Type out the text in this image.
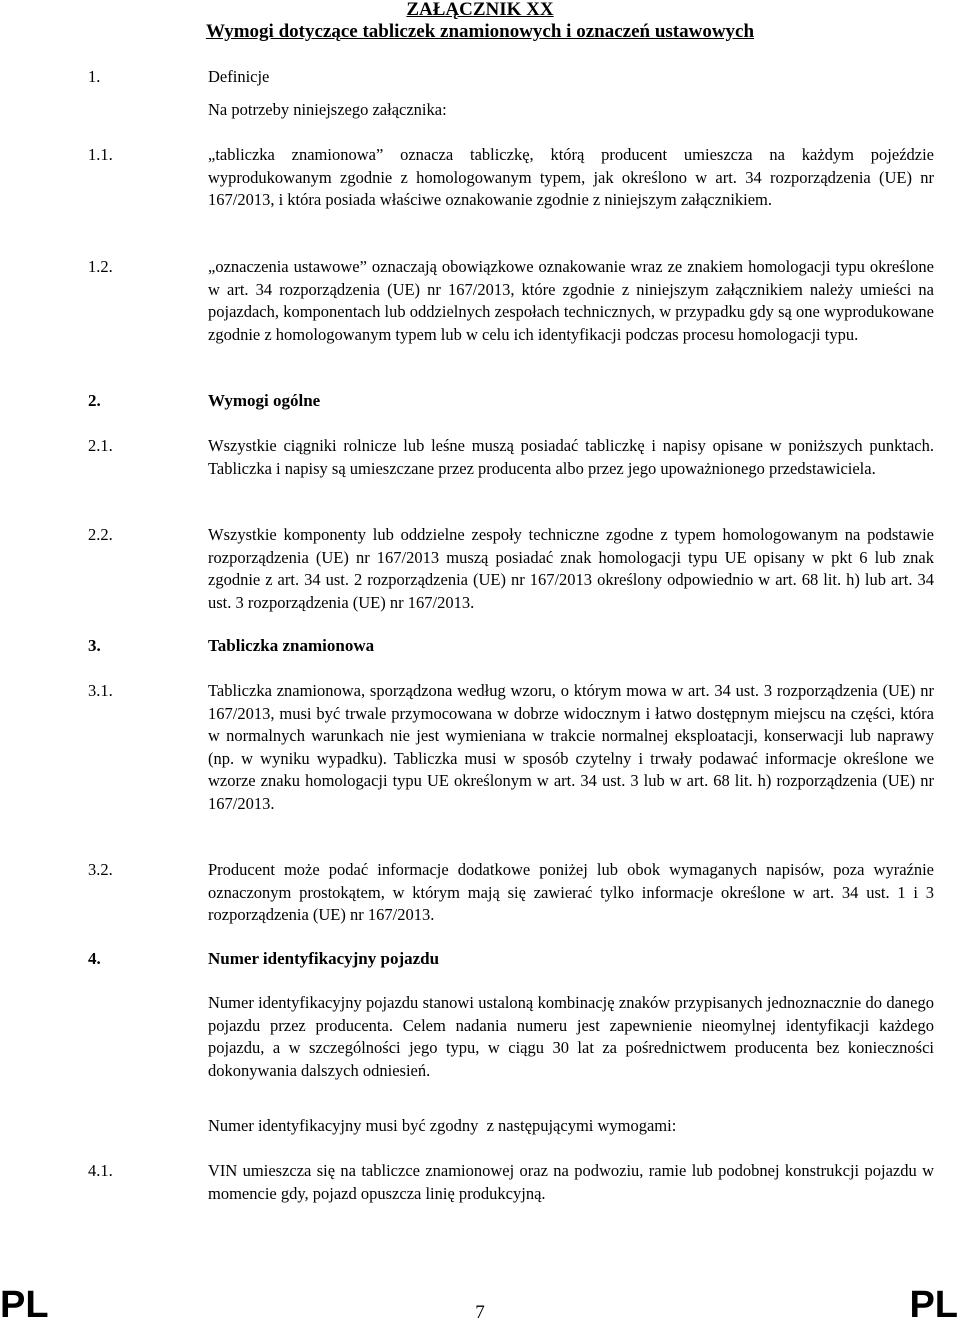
ZAŁĄCZNIK XX
Wymogi dotyczące tabliczek znamionowych i oznaczeń ustawowych
1.	Definicje
Na potrzeby niniejszego załącznika:
1.1.	„tabliczka znamionowa” oznacza tabliczkę, którą producent umieszcza na każdym pojeździe wyprodukowanym zgodnie z homologowanym typem, jak określono w art. 34 rozporządzenia (UE) nr 167/2013, i która posiada właściwe oznakowanie zgodnie z niniejszym załącznikiem.
1.2.	„oznaczenia ustawowe” oznaczają obowiązkowe oznakowanie wraz ze znakiem homologacji typu określone w art. 34 rozporządzenia (UE) nr 167/2013, które zgodnie z niniejszym załącznikiem należy umieści na pojazdach, komponentach lub oddzielnych zespołach technicznych, w przypadku gdy są one wyprodukowane zgodnie z homologowanym typem lub w celu ich identyfikacji podczas procesu homologacji typu.
2.	Wymogi ogólne
2.1.	Wszystkie ciągniki rolnicze lub leśne muszą posiadać tabliczkę i napisy opisane w poniższych punktach. Tabliczka i napisy są umieszczane przez producenta albo przez jego upoważnionego przedstawiciela.
2.2.	Wszystkie komponenty lub oddzielne zespoły techniczne zgodne z typem homologowanym na podstawie rozporządzenia (UE) nr 167/2013 muszą posiadać znak homologacji typu UE opisany w pkt 6 lub znak zgodnie z art. 34 ust. 2 rozporządzenia (UE) nr 167/2013 określony odpowiednio w art. 68 lit. h) lub art. 34 ust. 3 rozporządzenia (UE) nr 167/2013.
3.	Tabliczka znamionowa
3.1.	Tabliczka znamionowa, sporządzona według wzoru, o którym mowa w art. 34 ust. 3 rozporządzenia (UE) nr 167/2013, musi być trwale przymocowana w dobrze widocznym i łatwo dostępnym miejscu na części, która w normalnych warunkach nie jest wymieniana w trakcie normalnej eksploatacji, konserwacji lub naprawy (np. w wyniku wypadku). Tabliczka musi w sposób czytelny i trwały podawać informacje określone we wzorze znaku homologacji typu UE określonym w art. 34 ust. 3 lub w art. 68 lit. h) rozporządzenia (UE) nr 167/2013.
3.2.	Producent może podać informacje dodatkowe poniżej lub obok wymaganych napisów, poza wyraźnie oznaczonym prostokątem, w którym mają się zawierać tylko informacje określone w art. 34 ust. 1 i 3 rozporządzenia (UE) nr 167/2013.
4.	Numer identyfikacyjny pojazdu
Numer identyfikacyjny pojazdu stanowi ustaloną kombinację znaków przypisanych jednoznacznie do danego pojazdu przez producenta. Celem nadania numeru jest zapewnienie nieomylnej identyfikacji każdego pojazdu, a w szczególności jego typu, w ciągu 30 lat za pośrednictwem producenta bez konieczności dokonywania dalszych odniesień.
Numer identyfikacyjny musi być zgodny  z następującymi wymogami:
4.1.	VIN umieszcza się na tabliczce znamionowej oraz na podwoziu, ramie lub podobnej konstrukcji pojazdu w momencie gdy, pojazd opuszcza linię produkcyjną.
PL	7	PL
